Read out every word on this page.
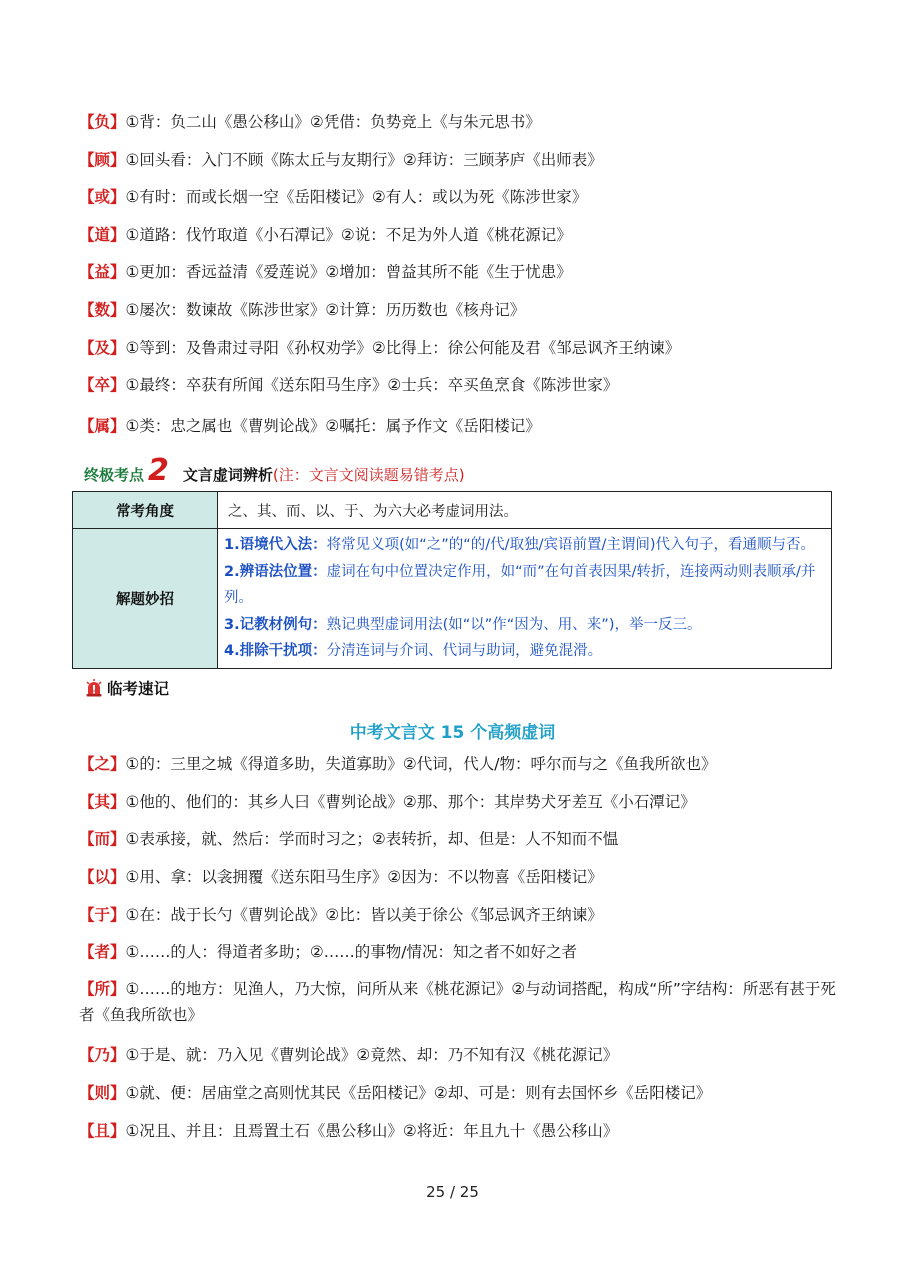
【负】①背：负二山《愚公移山》②凭借：负势竞上《与朱元思书》
【顾】①回头看：入门不顾《陈太丘与友期行》②拜访：三顾茅庐《出师表》
【或】①有时：而或长烟一空《岳阳楼记》②有人：或以为死《陈涉世家》
【道】①道路：伐竹取道《小石潭记》②说：不足为外人道《桃花源记》
【益】①更加：香远益清《爱莲说》②增加：曾益其所不能《生于忧患》
【数】①屡次：数谏故《陈涉世家》②计算：历历数也《核舟记》
【及】①等到：及鲁肃过寻阳《孙权劝学》②比得上：徐公何能及君《邹忌讽齐王纳谏》
【卒】①最终：卒获有所闻《送东阳马生序》②士兵：卒买鱼烹食《陈涉世家》
【属】①类：忠之属也《曹刿论战》②嘱托：属予作文《岳阳楼记》
终极考点 2 文言虚词辨析 (注：文言文阅读题易错考点)
常考角度	之、其、而、以、于、为六大必考虚词用法。
解题妙招	1.语境代入法：将常见义项(如“之”的“的/代/取独/宾语前置/主谓间)代入句子，看通顺与否。
2.辨语法位置：虚词在句中位置决定作用，如“而”在句首表因果/转折，连接两动则表顺承/并列。
3.记教材例句：熟记典型虚词用法(如“以”作“因为、用、来”)，举一反三。
4.排除干扰项：分清连词与介词、代词与助词，避免混滑。
临考速记
中考文言文 15 个高频虚词
【之】①的：三里之城《得道多助，失道寡助》②代词，代人/物：呼尔而与之《鱼我所欲也》
【其】①他的、他们的：其乡人曰《曹刿论战》②那、那个：其岸势犬牙差互《小石潭记》
【而】①表承接，就、然后：学而时习之；②表转折，却、但是：人不知而不愠
【以】①用、拿：以衾拥覆《送东阳马生序》②因为：不以物喜《岳阳楼记》
【于】①在：战于长勺《曹刿论战》②比：皆以美于徐公《邹忌讽齐王纳谏》
【者】①……的人：得道者多助；②……的事物/情况：知之者不如好之者
【所】①……的地方：见渔人，乃大惊，问所从来《桃花源记》②与动词搭配，构成“所”字结构：所恶有甚于死者《鱼我所欲也》
【乃】①于是、就：乃入见《曹刿论战》②竟然、却：乃不知有汉《桃花源记》
【则】①就、便：居庙堂之高则忧其民《岳阳楼记》②却、可是：则有去国怀乡《岳阳楼记》
【且】①况且、并且：且焉置土石《愚公移山》②将近：年且九十《愚公移山》
25 / 25
